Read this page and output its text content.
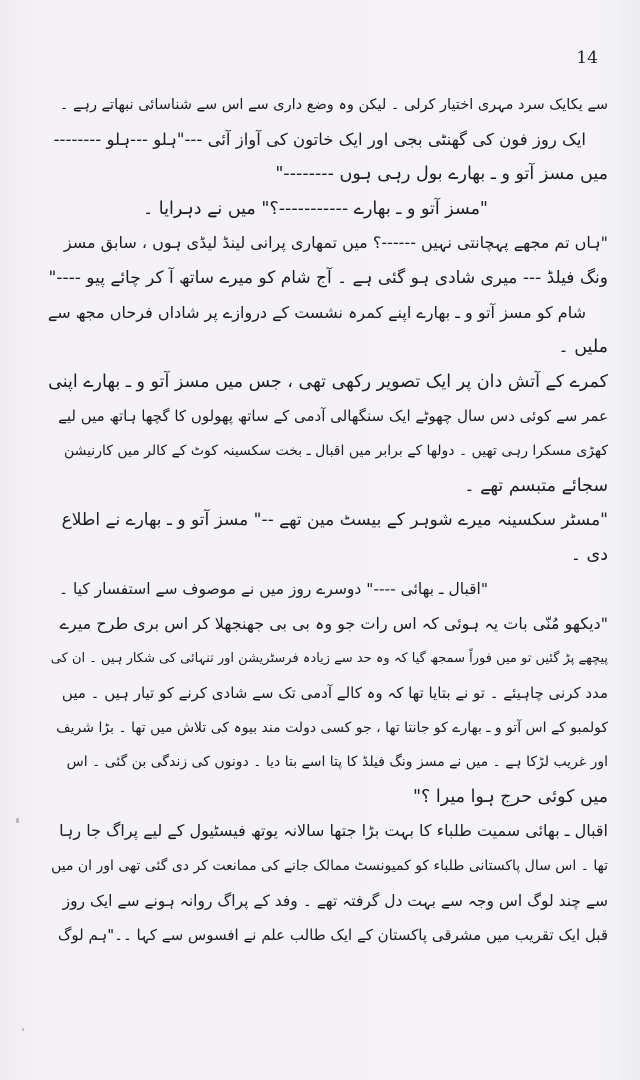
14
سے یکایک سرد مہری اختیار کرلی ۔ لیکن وہ وضع داری سے اس سے شناسائی نبھاتے رہے ۔
ایک روز فون کی گھنٹی بجی اور ایک خاتون کی آواز آئی ---"ہلو ---ہلو --------
میں مسز آتو و ـ بھارے بول رہی ہوں --------"
"مسز آتو و ـ بھارے -----------؟" میں نے دہرایا ۔
"ہاں تم مجھے پہچانتی نہیں ------؟ میں تمھاری پرانی لینڈ لیڈی ہوں ، سابق مسز
ونگ فیلڈ --- میری شادی ہو گئی ہے ۔ آج شام کو میرے ساتھ آ کر چائے پیو ----"
شام کو مسز آتو و ـ بھارے اپنے کمرہ نشست کے دروازے پر شاداں فرحاں مجھ سے
ملیں ۔
کمرے کے آتش دان پر ایک تصویر رکھی تھی ، جس میں مسز آتو و ـ بھارے اپنی
عمر سے کوئی دس سال چھوٹے ایک سنگھالی آدمی کے ساتھ پھولوں کا گچھا ہاتھ میں لیے
کھڑی مسکرا رہی تھیں ۔ دولھا کے برابر میں اقبال ـ بخت سکسینہ کوٹ کے کالر میں کارنیشن
سجائے متبسم تھے ۔
"مسٹر سکسینہ میرے شوہر کے بیسٹ مین تھے --" مسز آتو و ـ بھارے نے اطلاع
دی ۔
"اقبال ـ بھائی ----" دوسرے روز میں نے موصوف سے استفسار کیا ۔
"دیکھو مُنّی بات یہ ہوئی کہ اس رات جو وہ بی بی جھنجھلا کر اس بری طرح میرے
پیچھے پڑ گئیں تو میں فوراً سمجھ گیا کہ وہ حد سے زیادہ فرسٹریشن اور تنہائی کی شکار ہیں ۔ ان کی
مدد کرنی چاہیئے ۔ تو نے بتایا تھا کہ وہ کالے آدمی تک سے شادی کرنے کو تیار ہیں ۔ میں
کولمبو کے اس آتو و ـ بھارے کو جانتا تھا ، جو کسی دولت مند بیوہ کی تلاش میں تھا ۔ بڑا شریف
اور غریب لڑکا ہے ۔ میں نے مسز ونگ فیلڈ کا پتا اسے بتا دیا ۔ دونوں کی زندگی بن گئی ۔ اس
میں کوئی حرج ہوا میرا ؟"
اقبال ـ بھائی سمیت طلباء کا بہت بڑا جتھا سالانہ یوتھ فیسٹیول کے لیے پراگ جا رہا
تھا ۔ اس سال پاکستانی طلباء کو کمیونسٹ ممالک جانے کی ممانعت کر دی گئی تھی اور ان میں
سے چند لوگ اس وجہ سے بہت دل گرفتہ تھے ۔ وفد کے پراگ روانہ ہونے سے ایک روز
قبل ایک تقریب میں مشرقی پاکستان کے ایک طالب علم نے افسوس سے کہا ۔۔"ہم لوگ
